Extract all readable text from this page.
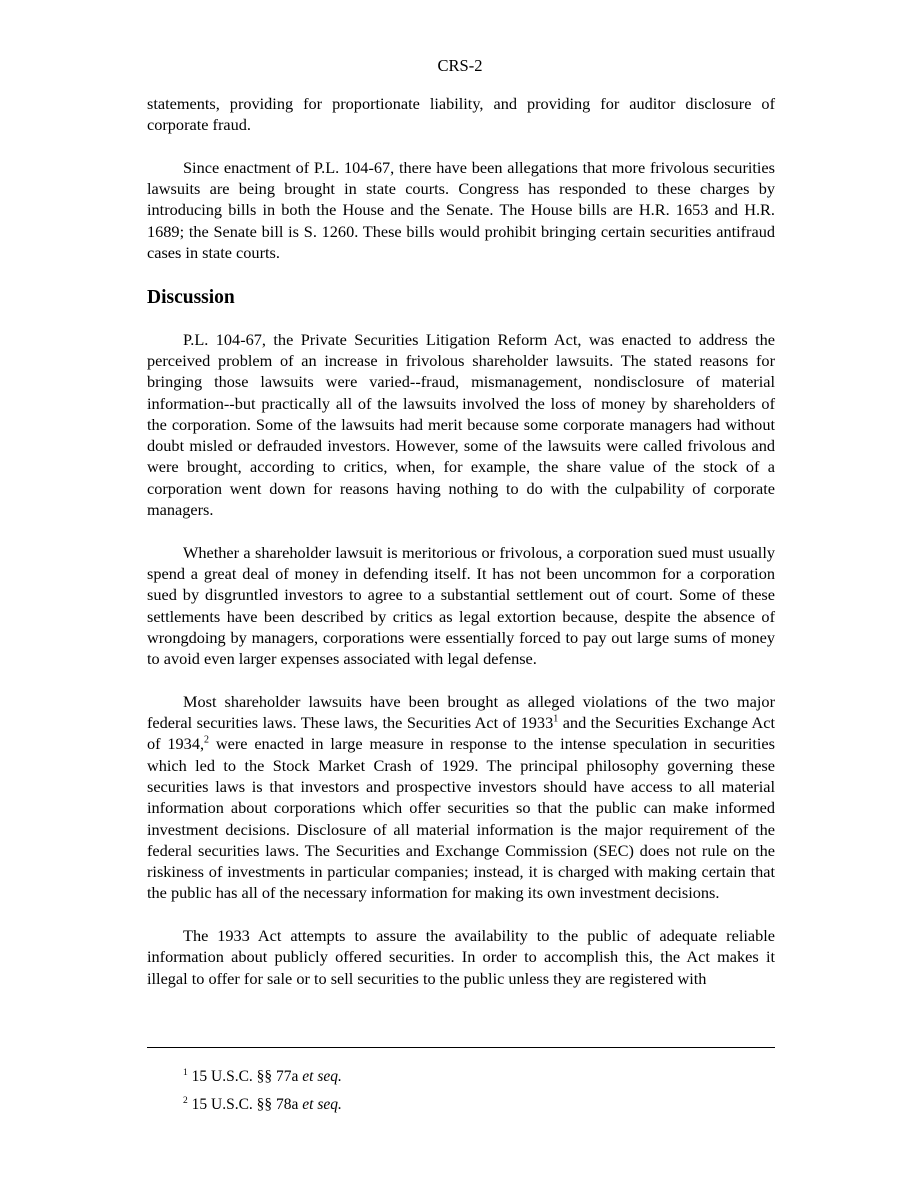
CRS-2

statements, providing for proportionate liability, and providing for auditor disclosure of corporate fraud.

Since enactment of P.L. 104-67, there have been allegations that more frivolous securities lawsuits are being brought in state courts. Congress has responded to these charges by introducing bills in both the House and the Senate. The House bills are H.R. 1653 and H.R. 1689; the Senate bill is S. 1260. These bills would prohibit bringing certain securities antifraud cases in state courts.

Discussion

P.L. 104-67, the Private Securities Litigation Reform Act, was enacted to address the perceived problem of an increase in frivolous shareholder lawsuits. The stated reasons for bringing those lawsuits were varied--fraud, mismanagement, nondisclosure of material information--but practically all of the lawsuits involved the loss of money by shareholders of the corporation. Some of the lawsuits had merit because some corporate managers had without doubt misled or defrauded investors. However, some of the lawsuits were called frivolous and were brought, according to critics, when, for example, the share value of the stock of a corporation went down for reasons having nothing to do with the culpability of corporate managers.

Whether a shareholder lawsuit is meritorious or frivolous, a corporation sued must usually spend a great deal of money in defending itself. It has not been uncommon for a corporation sued by disgruntled investors to agree to a substantial settlement out of court. Some of these settlements have been described by critics as legal extortion because, despite the absence of wrongdoing by managers, corporations were essentially forced to pay out large sums of money to avoid even larger expenses associated with legal defense.

Most shareholder lawsuits have been brought as alleged violations of the two major federal securities laws. These laws, the Securities Act of 1933$^1$ and the Securities Exchange Act of 1934,$^2$ were enacted in large measure in response to the intense speculation in securities which led to the Stock Market Crash of 1929. The principal philosophy governing these securities laws is that investors and prospective investors should have access to all material information about corporations which offer securities so that the public can make informed investment decisions. Disclosure of all material information is the major requirement of the federal securities laws. The Securities and Exchange Commission (SEC) does not rule on the riskiness of investments in particular companies; instead, it is charged with making certain that the public has all of the necessary information for making its own investment decisions.

The 1933 Act attempts to assure the availability to the public of adequate reliable information about publicly offered securities. In order to accomplish this, the Act makes it illegal to offer for sale or to sell securities to the public unless they are registered with

$^1$ 15 U.S.C. §§ 77a et seq.
$^2$ 15 U.S.C. §§ 78a et seq.
